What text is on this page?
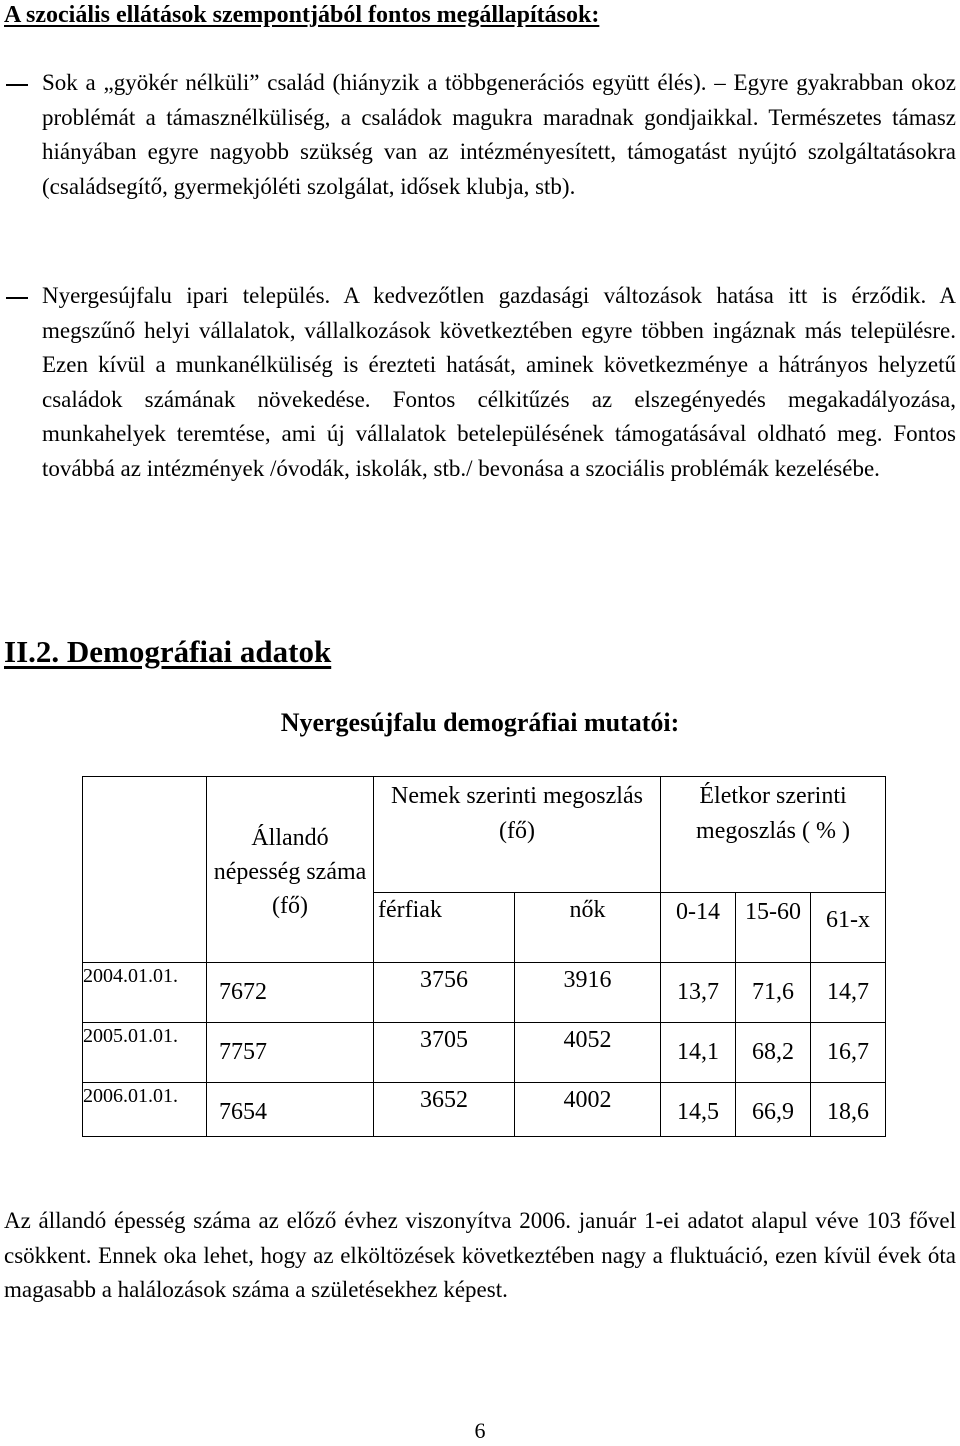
A szociális ellátások szempontjából fontos megállapítások:

Sok a „gyökér nélküli” család (hiányzik a többgenerációs együtt élés). – Egyre gyakrabban okoz problémát a támasznélküliség, a családok magukra maradnak gondjaikkal. Természetes támasz hiányában egyre nagyobb szükség van az intézményesített, támogatást nyújtó szolgáltatásokra (családsegítő, gyermekjóléti szolgálat, idősek klubja, stb).

Nyergesújfalu ipari település. A kedvezőtlen gazdasági változások hatása itt is érződik. A megszűnő helyi vállalatok, vállalkozások következtében egyre többen ingáznak más településre. Ezen kívül a munkanélküliség is érezteti hatását, aminek következménye a hátrányos helyzetű családok számának növekedése. Fontos célkitűzés az elszegényedés megakadályozása, munkahelyek teremtése, ami új vállalatok betelepülésének támogatásával oldható meg. Fontos továbbá az intézmények /óvodák, iskolák, stb./ bevonása a szociális problémák kezelésébe.

II.2. Demográfiai adatok
Nyergesújfalu demográfiai mutatói:
	Állandó népesség száma (fő)	Nemek szerinti megoszlás (fő)		Életkor szerinti megoszlás ( % )		
		férfiak	nők	0-14	15-60	61-x
2004.01.01.	7672	3756	3916	13,7	71,6	14,7
2005.01.01.	7757	3705	4052	14,1	68,2	16,7
2006.01.01.	7654	3652	4002	14,5	66,9	18,6

Az állandó épesség száma az előző évhez viszonyítva 2006. január 1-ei adatot alapul véve 103 fővel csökkent. Ennek oka lehet, hogy az elköltözések következtében nagy a fluktuáció, ezen kívül évek óta magasabb a halálozások száma a születésekhez képest.

6
